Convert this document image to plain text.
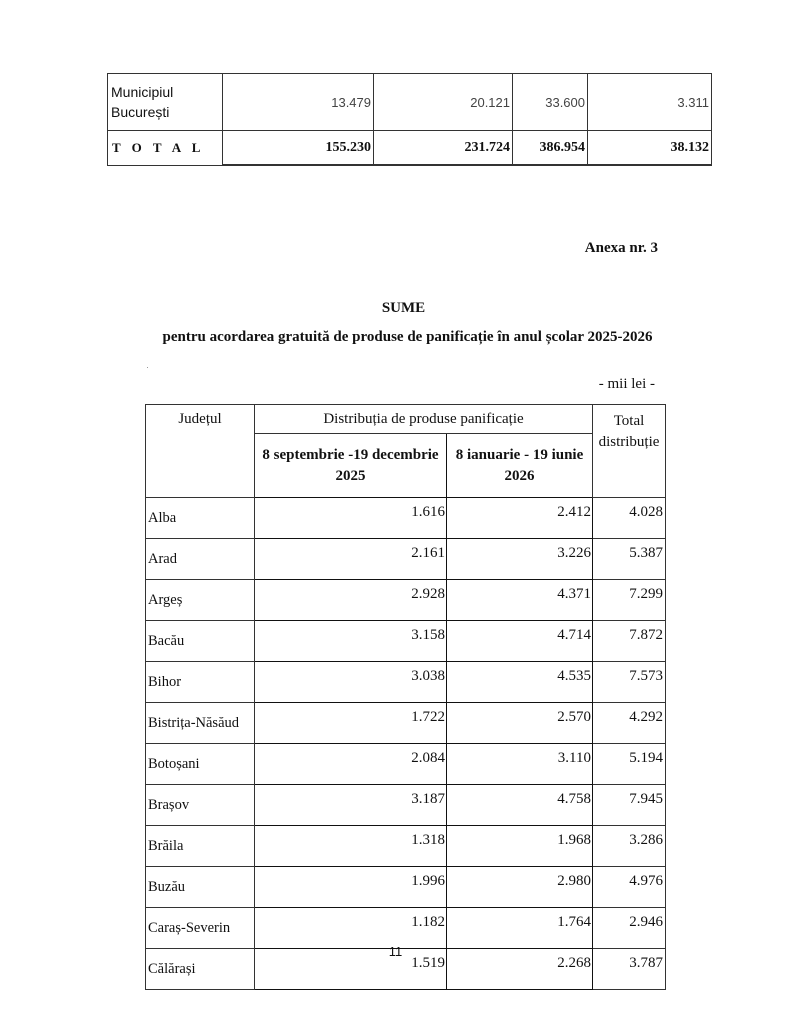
Municipiul
București	13.479	20.121	33.600	3.311
T O T A L	155.230	231.724	386.954	38.132
Anexa nr. 3
SUME
pentru acordarea gratuită de produse de panificație în anul școlar 2025-2026
- mii lei -
Județul	Distribuția de produse panificație		Total distribuție
	8 septembrie -19 decembrie 2025	8 ianuarie - 19 iunie 2026	
Alba	1.616	2.412	4.028
Arad	2.161	3.226	5.387
Argeș	2.928	4.371	7.299
Bacău	3.158	4.714	7.872
Bihor	3.038	4.535	7.573
Bistrița-Năsăud	1.722	2.570	4.292
Botoșani	2.084	3.110	5.194
Brașov	3.187	4.758	7.945
Brăila	1.318	1.968	3.286
Buzău	1.996	2.980	4.976
Caraș-Severin	1.182	1.764	2.946
Călărași	1.519	2.268	3.787
11
